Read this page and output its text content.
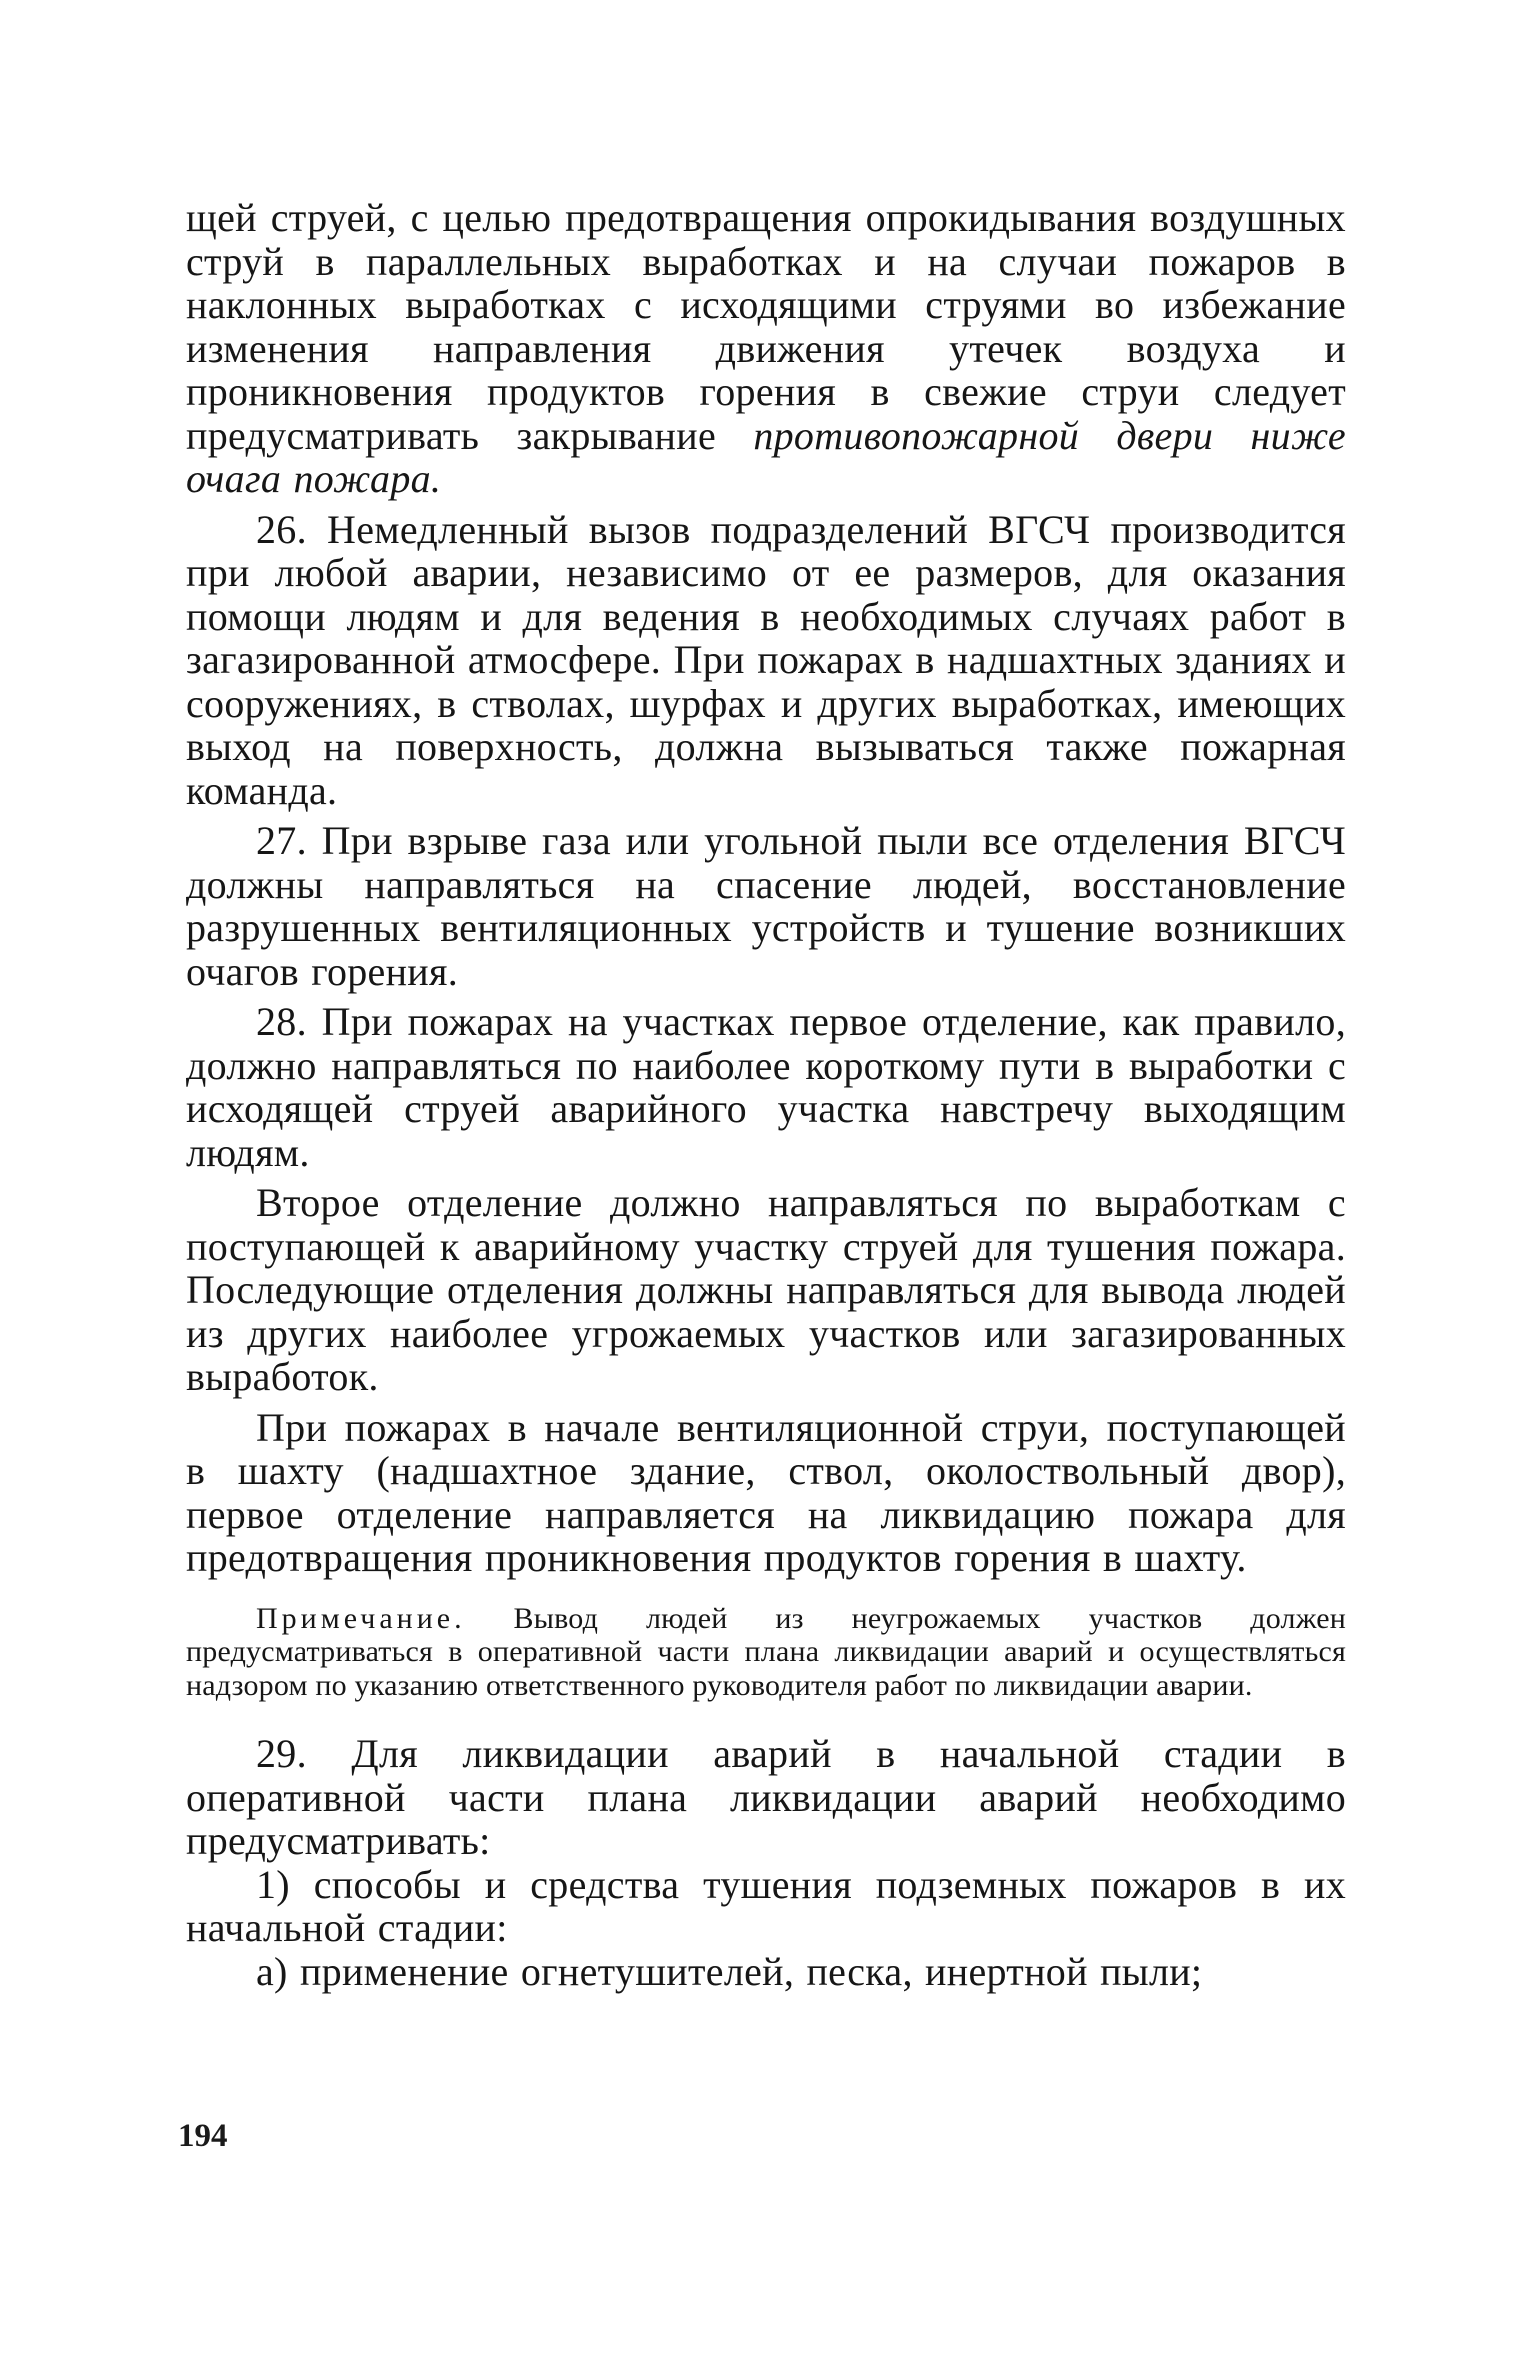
щей струей, с целью предотвращения опрокидывания воздушных струй в параллельных выработках и на случаи пожаров в наклонных выработках с исходящими струями во избежание изменения направления движения утечек воздуха и проникновения продуктов горения в свежие струи следует предусматривать закрывание противопожарной двери ниже очага пожара.

26. Немедленный вызов подразделений ВГСЧ производится при любой аварии, независимо от ее размеров, для оказания помощи людям и для ведения в необходимых случаях работ в загазированной атмосфере. При пожарах в надшахтных зданиях и сооружениях, в стволах, шурфах и других выработках, имеющих выход на поверхность, должна вызываться также пожарная команда.

27. При взрыве газа или угольной пыли все отделения ВГСЧ должны направляться на спасение людей, восстановление разрушенных вентиляционных устройств и тушение возникших очагов горения.

28. При пожарах на участках первое отделение, как правило, должно направляться по наиболее короткому пути в выработки с исходящей струей аварийного участка навстречу выходящим людям.

Второе отделение должно направляться по выработкам с поступающей к аварийному участку струей для тушения пожара. Последующие отделения должны направляться для вывода людей из других наиболее угрожаемых участков или загазированных выработок.

При пожарах в начале вентиляционной струи, поступающей в шахту (надшахтное здание, ствол, околоствольный двор), первое отделение направляется на ликвидацию пожара для предотвращения проникновения продуктов горения в шахту.

Примечание. Вывод людей из неугрожаемых участков должен предусматриваться в оперативной части плана ликвидации аварий и осуществляться надзором по указанию ответственного руководителя работ по ликвидации аварии.

29. Для ликвидации аварий в начальной стадии в оперативной части плана ликвидации аварий необходимо предусматривать:

1) способы и средства тушения подземных пожаров в их начальной стадии:

а) применение огнетушителей, песка, инертной пыли;

194
